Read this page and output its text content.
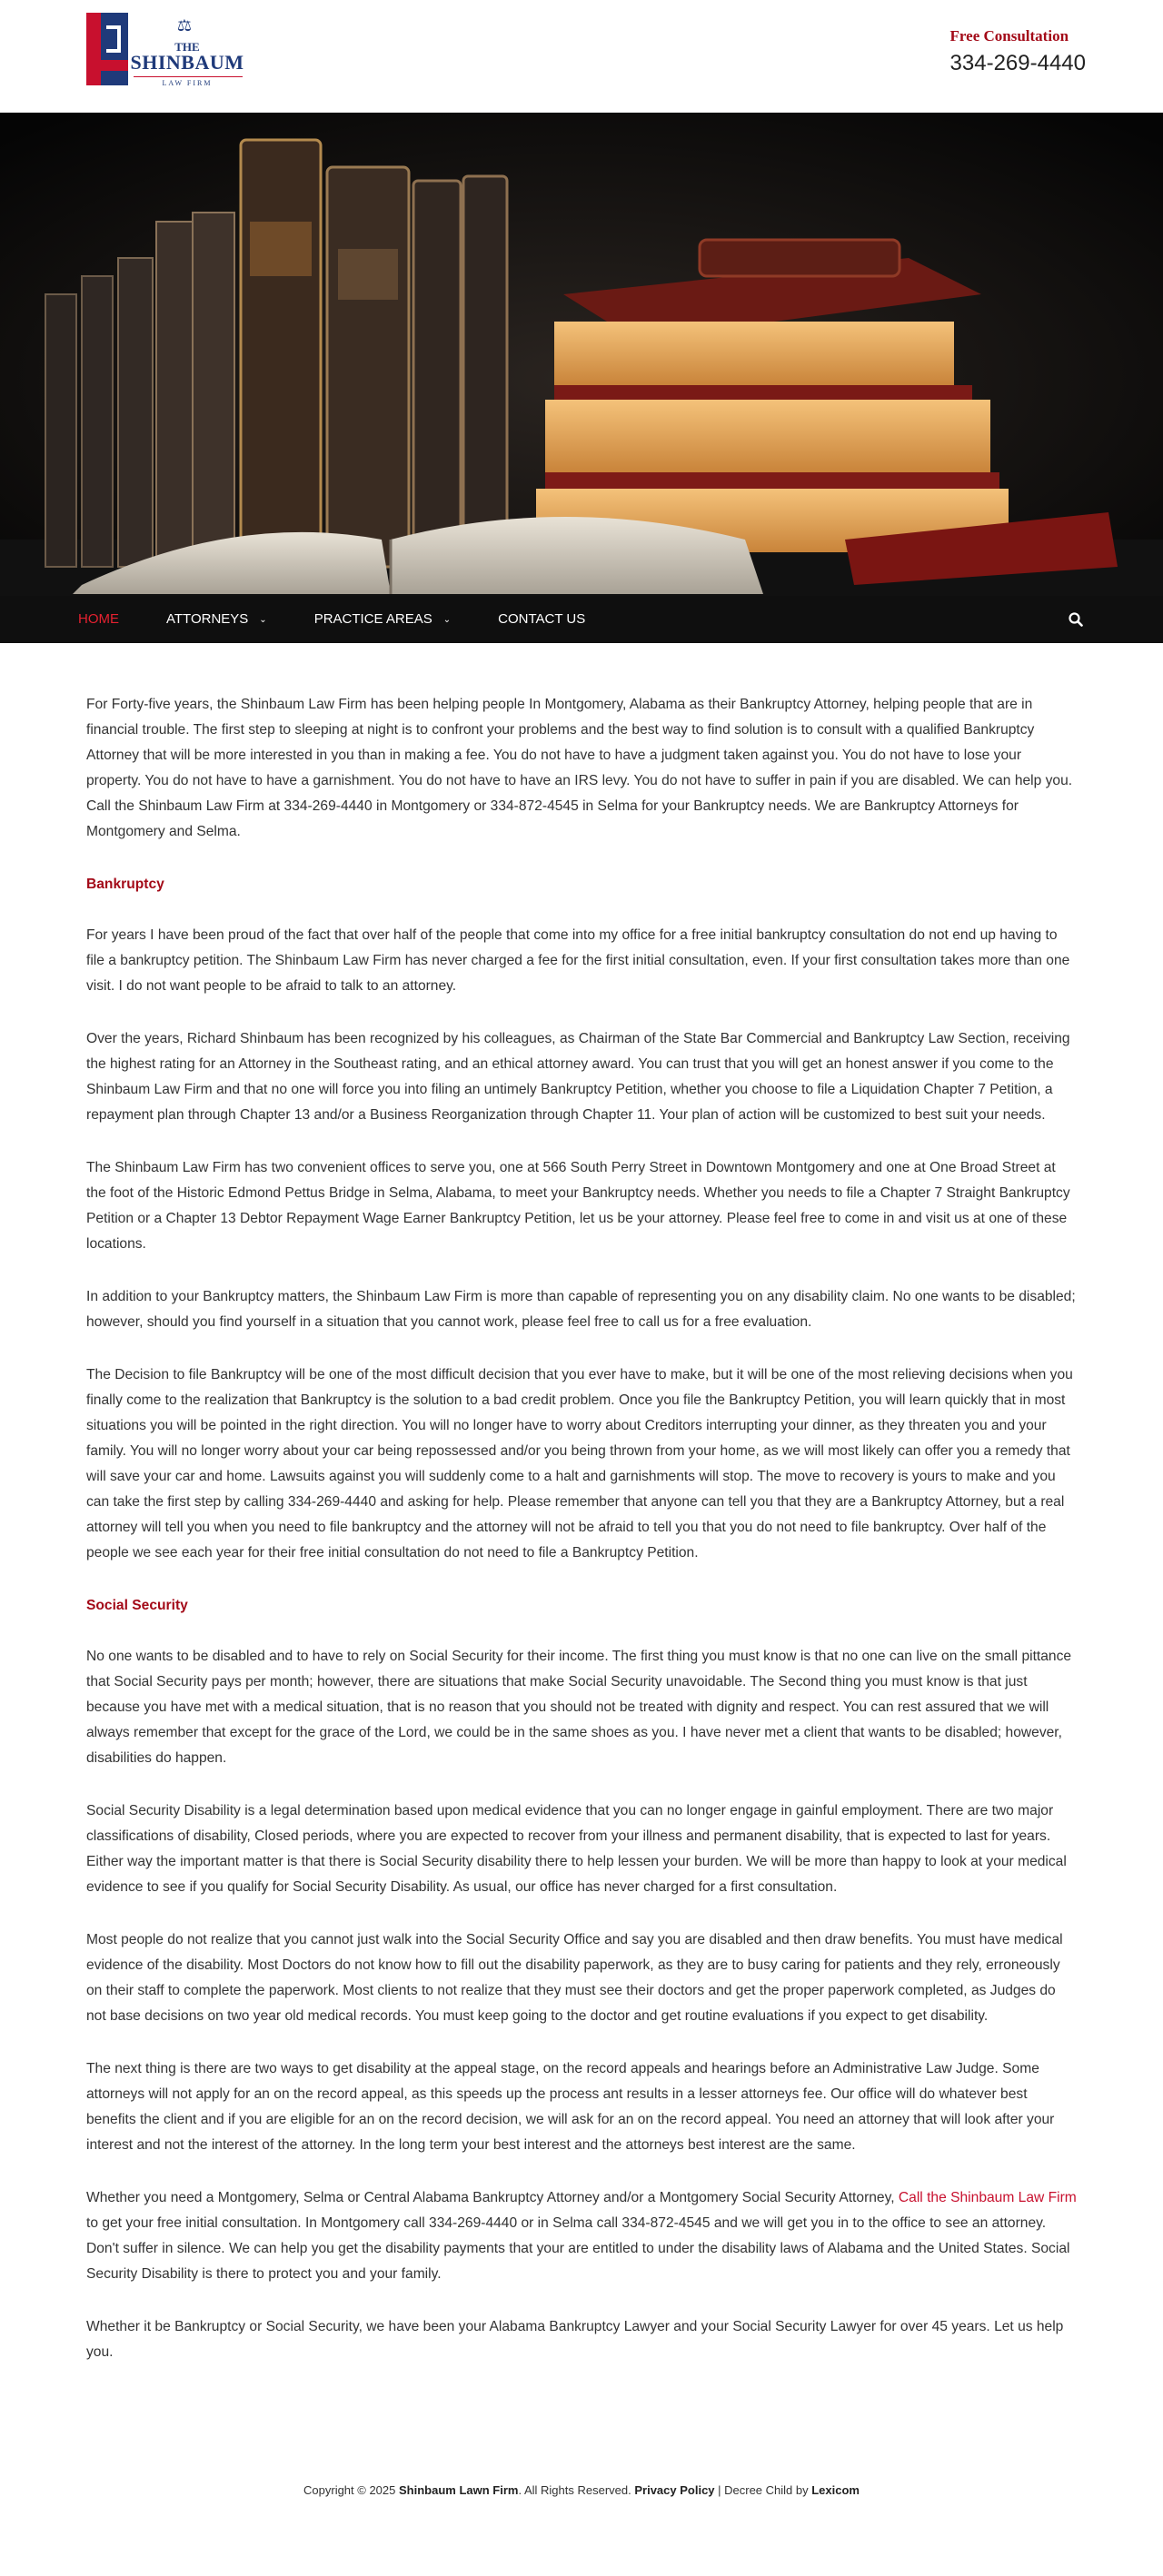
⚖
THE
SHINBAUM
LAW FIRM
Free Consultation
334-269-4440
HOME	ATTORNEYS ⌄	PRACTICE AREAS ⌄	CONTACT US

For Forty-five years, the Shinbaum Law Firm has been helping people In Montgomery, Alabama as their Bankruptcy Attorney, helping people that are in financial trouble. The first step to sleeping at night is to confront your problems and the best way to find solution is to consult with a qualified Bankruptcy Attorney that will be more interested in you than in making a fee. You do not have to have a judgment taken against you. You do not have to lose your property. You do not have to have a garnishment. You do not have to have an IRS levy. You do not have to suffer in pain if you are disabled. We can help you. Call the Shinbaum Law Firm at 334-269-4440 in Montgomery or 334-872-4545 in Selma for your Bankruptcy needs. We are Bankruptcy Attorneys for Montgomery and Selma.

Bankruptcy

For years I have been proud of the fact that over half of the people that come into my office for a free initial bankruptcy consultation do not end up having to file a bankruptcy petition. The Shinbaum Law Firm has never charged a fee for the first initial consultation, even. If your first consultation takes more than one visit. I do not want people to be afraid to talk to an attorney.

Over the years, Richard Shinbaum has been recognized by his colleagues, as Chairman of the State Bar Commercial and Bankruptcy Law Section, receiving the highest rating for an Attorney in the Southeast rating, and an ethical attorney award. You can trust that you will get an honest answer if you come to the Shinbaum Law Firm and that no one will force you into filing an untimely Bankruptcy Petition, whether you choose to file a Liquidation Chapter 7 Petition, a repayment plan through Chapter 13 and/or a Business Reorganization through Chapter 11. Your plan of action will be customized to best suit your needs.

The Shinbaum Law Firm has two convenient offices to serve you, one at 566 South Perry Street in Downtown Montgomery and one at One Broad Street at the foot of the Historic Edmond Pettus Bridge in Selma, Alabama, to meet your Bankruptcy needs. Whether you needs to file a Chapter 7 Straight Bankruptcy Petition or a Chapter 13 Debtor Repayment Wage Earner Bankruptcy Petition, let us be your attorney. Please feel free to come in and visit us at one of these locations.

In addition to your Bankruptcy matters, the Shinbaum Law Firm is more than capable of representing you on any disability claim. No one wants to be disabled; however, should you find yourself in a situation that you cannot work, please feel free to call us for a free evaluation.

The Decision to file Bankruptcy will be one of the most difficult decision that you ever have to make, but it will be one of the most relieving decisions when you finally come to the realization that Bankruptcy is the solution to a bad credit problem. Once you file the Bankruptcy Petition, you will learn quickly that in most situations you will be pointed in the right direction. You will no longer have to worry about Creditors interrupting your dinner, as they threaten you and your family. You will no longer worry about your car being repossessed and/or you being thrown from your home, as we will most likely can offer you a remedy that will save your car and home. Lawsuits against you will suddenly come to a halt and garnishments will stop. The move to recovery is yours to make and you can take the first step by calling 334-269-4440 and asking for help. Please remember that anyone can tell you that they are a Bankruptcy Attorney, but a real attorney will tell you when you need to file bankruptcy and the attorney will not be afraid to tell you that you do not need to file bankruptcy. Over half of the people we see each year for their free initial consultation do not need to file a Bankruptcy Petition.

Social Security

No one wants to be disabled and to have to rely on Social Security for their income. The first thing you must know is that no one can live on the small pittance that Social Security pays per month; however, there are situations that make Social Security unavoidable. The Second thing you must know is that just because you have met with a medical situation, that is no reason that you should not be treated with dignity and respect. You can rest assured that we will always remember that except for the grace of the Lord, we could be in the same shoes as you. I have never met a client that wants to be disabled; however, disabilities do happen.

Social Security Disability is a legal determination based upon medical evidence that you can no longer engage in gainful employment. There are two major classifications of disability, Closed periods, where you are expected to recover from your illness and permanent disability, that is expected to last for years. Either way the important matter is that there is Social Security disability there to help lessen your burden. We will be more than happy to look at your medical evidence to see if you qualify for Social Security Disability. As usual, our office has never charged for a first consultation.

Most people do not realize that you cannot just walk into the Social Security Office and say you are disabled and then draw benefits. You must have medical evidence of the disability. Most Doctors do not know how to fill out the disability paperwork, as they are to busy caring for patients and they rely, erroneously on their staff to complete the paperwork. Most clients to not realize that they must see their doctors and get the proper paperwork completed, as Judges do not base decisions on two year old medical records. You must keep going to the doctor and get routine evaluations if you expect to get disability.

The next thing is there are two ways to get disability at the appeal stage, on the record appeals and hearings before an Administrative Law Judge. Some attorneys will not apply for an on the record appeal, as this speeds up the process ant results in a lesser attorneys fee. Our office will do whatever best benefits the client and if you are eligible for an on the record decision, we will ask for an on the record appeal. You need an attorney that will look after your interest and not the interest of the attorney. In the long term your best interest and the attorneys best interest are the same.

Whether you need a Montgomery, Selma or Central Alabama Bankruptcy Attorney and/or a Montgomery Social Security Attorney, Call the Shinbaum Law Firm to get your free initial consultation. In Montgomery call 334-269-4440 or in Selma call 334-872-4545 and we will get you in to the office to see an attorney. Don't suffer in silence. We can help you get the disability payments that your are entitled to under the disability laws of Alabama and the United States. Social Security Disability is there to protect you and your family.

Whether it be Bankruptcy or Social Security, we have been your Alabama Bankruptcy Lawyer and your Social Security Lawyer for over 45 years. Let us help you.

Copyright © 2025 Shinbaum Lawn Firm. All Rights Reserved. Privacy Policy | Decree Child by Lexicom
